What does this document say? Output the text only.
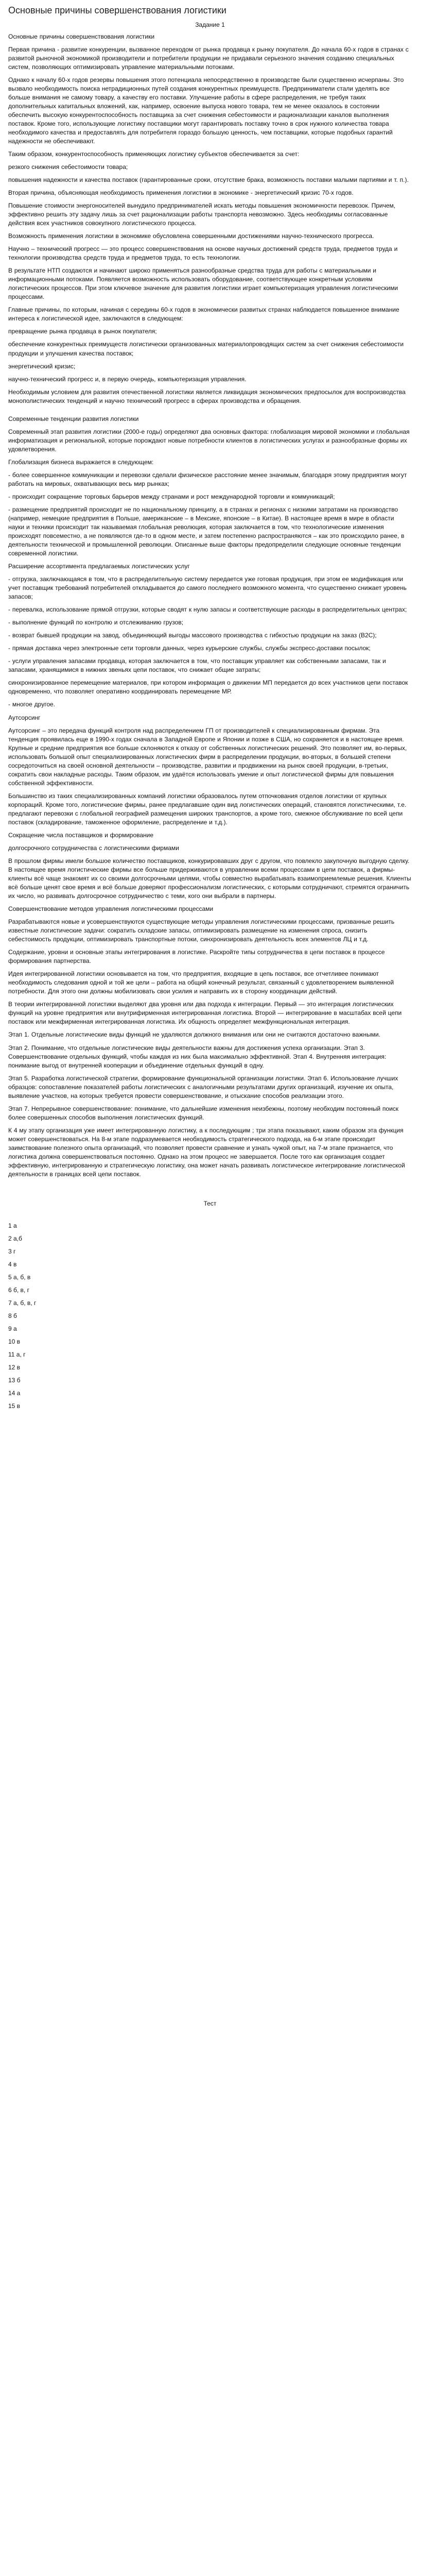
Основные причины совершенствования логистики
Задание 1

Основные причины совершенствования логистики

Первая причина - развитие конкуренции, вызванное переходом от рынка продавца к рынку покупателя. До начала 60-х годов в странах с развитой рыночной экономикой производители и потребители продукции не придавали серьезного значения созданию специальных систем, позволяющих оптимизировать управление материальными потоками.

Однако к началу 60-х годов резервы повышения этого потенциала непосредственно в производстве были существенно исчерпаны. Это вызвало необходимость поиска нетрадиционных путей создания конкурентных преимуществ. Предприниматели стали уделять все больше внимания не самому товару, а качеству его поставки. Улучшение работы в сфере распределения, не требуя таких дополнительных капитальных вложений, как, например, освоение выпуска нового товара, тем не менее оказалось в состоянии обеспечить высокую конкурентоспособность поставщика за счет снижения себестоимости и рационализации каналов выполнения поставок. Кроме того, использующие логистику поставщики могут гарантировать поставку точно в срок нужного количества товара необходимого качества и предоставлять для потребителя гораздо большую ценность, чем поставщики, которые подобных гарантий надежности не обеспечивают.

Таким образом, конкурентоспособность применяющих логистику субъектов обеспечивается за счет:

резкого снижения себестоимости товара;

повышения надежности и качества поставок (гарантированные сроки, отсутствие брака, возможность поставки малыми партиями и т. п.).

Вторая причина, объясняющая необходимость применения логистики в экономике - энергетический кризис 70-х годов.

Повышение стоимости энергоносителей вынудило предпринимателей искать методы повышения экономичности перевозок. Причем, эффективно решить эту задачу лишь за счет рационализации работы транспорта невозможно. Здесь необходимы согласованные действия всех участников совокупного логистического процесса.

Возможность применения логистики в экономике обусловлена совершенными достижениями научно-технического прогресса.

Научно – технический прогресс — это процесс совершенствования на основе научных достижений средств труда, предметов труда и технологии производства средств труда и предметов труда, то есть технологии.

В результате НТП создаются и начинают широко применяться разнообразные средства труда для работы с материальными и информационными потоками. Появляется возможность использовать оборудование, соответствующее конкретным условиям логистических процессов. При этом ключевое значение для развития логистики играет компьютеризация управления логистическими процессами.

Главные причины, по которым, начиная с середины 60-х годов в экономически развитых странах наблюдается повышенное внимание интереса к логистической идее, заключаются в следующем:

превращение рынка продавца в рынок покупателя;

обеспечение конкурентных преимуществ логистически организованных материалопроводящих систем за счет снижения себестоимости продукции и улучшения качества поставок;

энергетический кризис;

научно-технический прогресс и, в первую очередь, компьютеризация управления.

Необходимым условием для развития отечественной логистики является ликвидация экономических предпосылок для воспроизводства монополистических тенденций и научно технический прогресс в сферах производства и обращения.

Современные тенденции развития логистики

Современный этап развития логистики (2000-е годы) определяют два основных фактора: глобализация мировой экономики и глобальная информатизация и региональной, которые порождают новые потребности клиентов в логистических услугах и разнообразные формы их удовлетворения.

Глобализация бизнеса выражается в следующем:

- более совершенное коммуникации и перевозки сделали физическое расстояние менее значимым, благодаря этому предприятия могут работать на мировых, охватывающих весь мир рынках;

- происходит сокращение торговых барьеров между странами и рост международной торговли и коммуникаций;

- размещение предприятий происходит не по национальному принципу, а в странах и регионах с низкими затратами на производство (например, немецкие предприятия в Польше, американские – в Мексике, японские – в Китае). В настоящее время в мире в области науки и техники происходит так называемая глобальная революция, которая заключается в том, что технологические изменения происходят повсеместно, а не появляются где-то в одном месте, и затем постепенно распространяются – как это происходило ранее, в деятельности технической и промышленной революции. Описанные выше факторы предопределили следующие основные тенденции современной логистики.

Расширение ассортимента предлагаемых логистических услуг

- отгрузка, заключающаяся в том, что в распределительную систему передается уже готовая продукция, при этом ее модификация или учет поставщик требований потребителей откладывается до самого последнего возможного момента, что существенно снижает уровень запасов;

- перевалка, использование прямой отгрузки, которые сводят к нулю запасы и соответствующие расходы в распределительных центрах;

- выполнение функций по контролю и отслеживанию грузов;

- возврат бывшей продукции на завод, объединяющий выгоды массового производства с гибкостью продукции на заказ (B2C);

- прямая доставка через электронные сети торговли данных, через курьерские службы, службы экспресс-доставки посылок;

- услуги управления запасами продавца, которая заключается в том, что поставщик управляет как собственными запасами, так и запасами, хранящимися в нижних звеньях цепи поставок, что снижает общие затраты;

синхронизированное перемещение материалов, при котором информация о движении МП передается до всех участников цепи поставок одновременно, что позволяет оперативно координировать перемещение МР.

- многое другое.

Аутсорсинг

Аутсорсинг – это передача функций контроля над распределением ГП от производителей к специализированным фирмам. Эта тенденция проявилась еще в 1990-х годах сначала в Западной Европе и Японии и позже в США, но сохраняется и в настоящее время. Крупные и средние предприятия все больше склоняются к отказу от собственных логистических решений. Это позволяет им, во-первых, использовать большой опыт специализированных логистических фирм в распределении продукции, во-вторых, в большей степени сосредоточиться на своей основной деятельности – производстве, развитии и продвижении на рынок своей продукции, в-третьих, сократить свои накладные расходы. Таким образом, им удаётся использовать умение и опыт логистической фирмы для повышения собственной эффективности.

Большинство из таких специализированных компаний логистики образовалось путем отпочкования отделов логистики от крупных корпораций. Кроме того, логистические фирмы, ранее предлагавшие один вид логистических операций, становятся логистическими, т.е. предлагают перевозки с глобальной географией размещения широких транспортов, а кроме того, смежное обслуживание по всей цепи поставок (складирование, таможенное оформление, распределение и т.д.).

Сокращение числа поставщиков и формирование

долгосрочного сотрудничества с логистическими фирмами

В прошлом фирмы имели большое количество поставщиков, конкурировавших друг с другом, что повлекло закупочную выгодную сделку. В настоящее время логистические фирмы все больше придерживаются в управлении всеми процессами в цепи поставок, а фирмы-клиенты всё чаще знакомят их со своими долгосрочными целями, чтобы совместно вырабатывать взаимоприемлемые решения. Клиенты всё больше ценят свое время и всё больше доверяют профессионализм логистических, с которыми сотрудничают, стремятся ограничить их число, но развивать долгосрочное сотрудничество с теми, кого они выбрали в партнеры.

Совершенствование методов управления логистическими процессами

Разрабатываются новые и усовершенствуются существующие методы управления логистическими процессами, призванные решить известные логистические задачи: сократить складские запасы, оптимизировать размещение на изменения спроса, снизить себестоимость продукции, оптимизировать транспортные потоки, синхронизировать деятельность всех элементов ЛЦ и т.д.

Содержание, уровни и основные этапы интегрирования в логистике. Раскройте типы сотрудничества в цепи поставок в процессе формирования партнерства.

Идея интегрированной логистики основывается на том, что предприятия, входящие в цепь поставок, все отчетливее понимают необходимость следования одной и той же цели – работа на общий конечный результат, связанный с удовлетворением выявленной потребности. Для этого они должны мобилизовать свои усилия и направить их в сторону координации действий.

В теории интегрированной логистики выделяют два уровня или два подхода к интеграции. Первый — это интеграция логистических функций на уровне предприятия или внутрифирменная интегрированная логистика. Второй — интегрирование в масштабах всей цепи поставок или межфирменная интегрированная логистика. Их общность определяет межфункциональная интеграция.

Этап 1. Отдельные логистические виды функций не удаляются должного внимания или они не считаются достаточно важными.

Этап 2. Понимание, что отдельные логистические виды деятельности важны для достижения успеха организации. Этап 3. Совершенствование отдельных функций, чтобы каждая из них была максимально эффективной. Этап 4. Внутренняя интеграция: понимание выгод от внутренней кооперации и объединение отдельных функций в одну.

Этап 5. Разработка логистической стратегии, формирование функциональной организации логистики. Этап 6. Использование лучших образцов: сопоставление показателей работы логистических с аналогичными результатами других организаций, изучение их опыта, выявление участков, на которых требуется провести совершенствование, и отыскание способов реализации этого.

Этап 7. Непрерывное совершенствование: понимание, что дальнейшие изменения неизбежны, поэтому необходим постоянный поиск более совершенных способов выполнения логистических функций.

К 4 му этапу организация уже имеет интегрированную логистику, а к последующим ; три этапа показывают, каким образом эта функция может совершенствоваться. На 8-м этапе подразумевается необходимость стратегического подхода, на 6-м этапе происходит заимствование полезного опыта организаций, что позволяет провести сравнение и узнать чужой опыт, на 7-м этапе признается, что логистика должна совершенствоваться постоянно. Однако на этом процесс не завершается. После того как организация создает эффективную, интегрированную и стратегическую логистику, она может начать развивать логистическое интегрирование логистической деятельности в границах всей цепи поставок.

Тест
1 а
2 а,б
3 г
4 в
5 а, б, в
6 б, в, г
7 а, б, в, г
8 б
9 а
10 в
11 а, г
12 в
13 б
14 а
15 в
